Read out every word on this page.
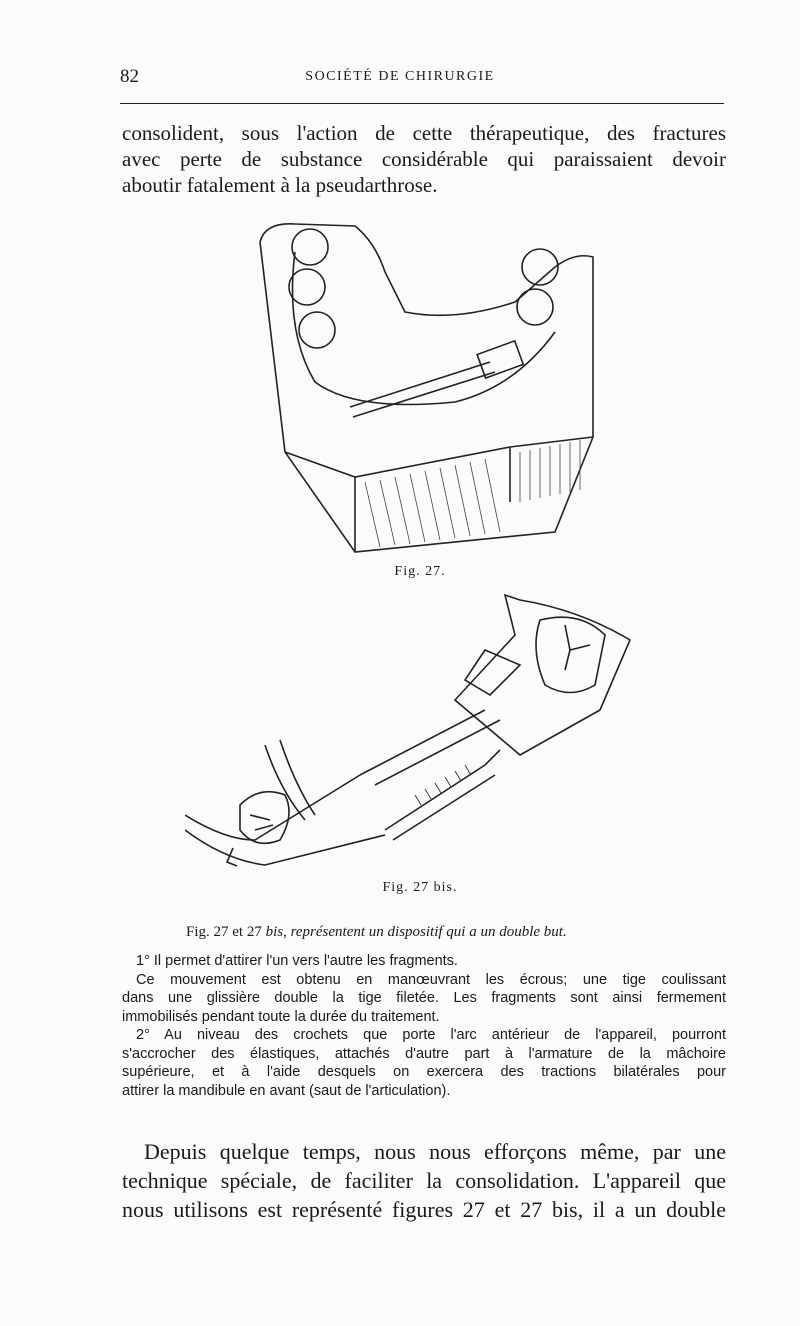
82	SOCIÉTÉ DE CHIRURGIE
consolident, sous l'action de cette thérapeutique, des fractures
avec perte de substance considérable qui paraissaient devoir
aboutir fatalement à la pseudarthrose.
Fig. 27.
Fig. 27 bis.
Fig. 27 et 27 bis, représentent un dispositif qui a un double but.
1° Il permet d'attirer l'un vers l'autre les fragments.
Ce mouvement est obtenu en manœuvrant les écrous; une tige coulissant
dans une glissière double la tige filetée. Les fragments sont ainsi fermement
immobilisés pendant toute la durée du traitement.
2° Au niveau des crochets que porte l'arc antérieur de l'appareil, pourront
s'accrocher des élastiques, attachés d'autre part à l'armature de la mâchoire
supérieure, et à l'aide desquels on exercera des tractions bilatérales pour
attirer la mandibule en avant (saut de l'articulation).
Depuis quelque temps, nous nous efforçons même, par une
technique spéciale, de faciliter la consolidation. L'appareil que
nous utilisons est représenté figures 27 et 27 bis, il a un double
